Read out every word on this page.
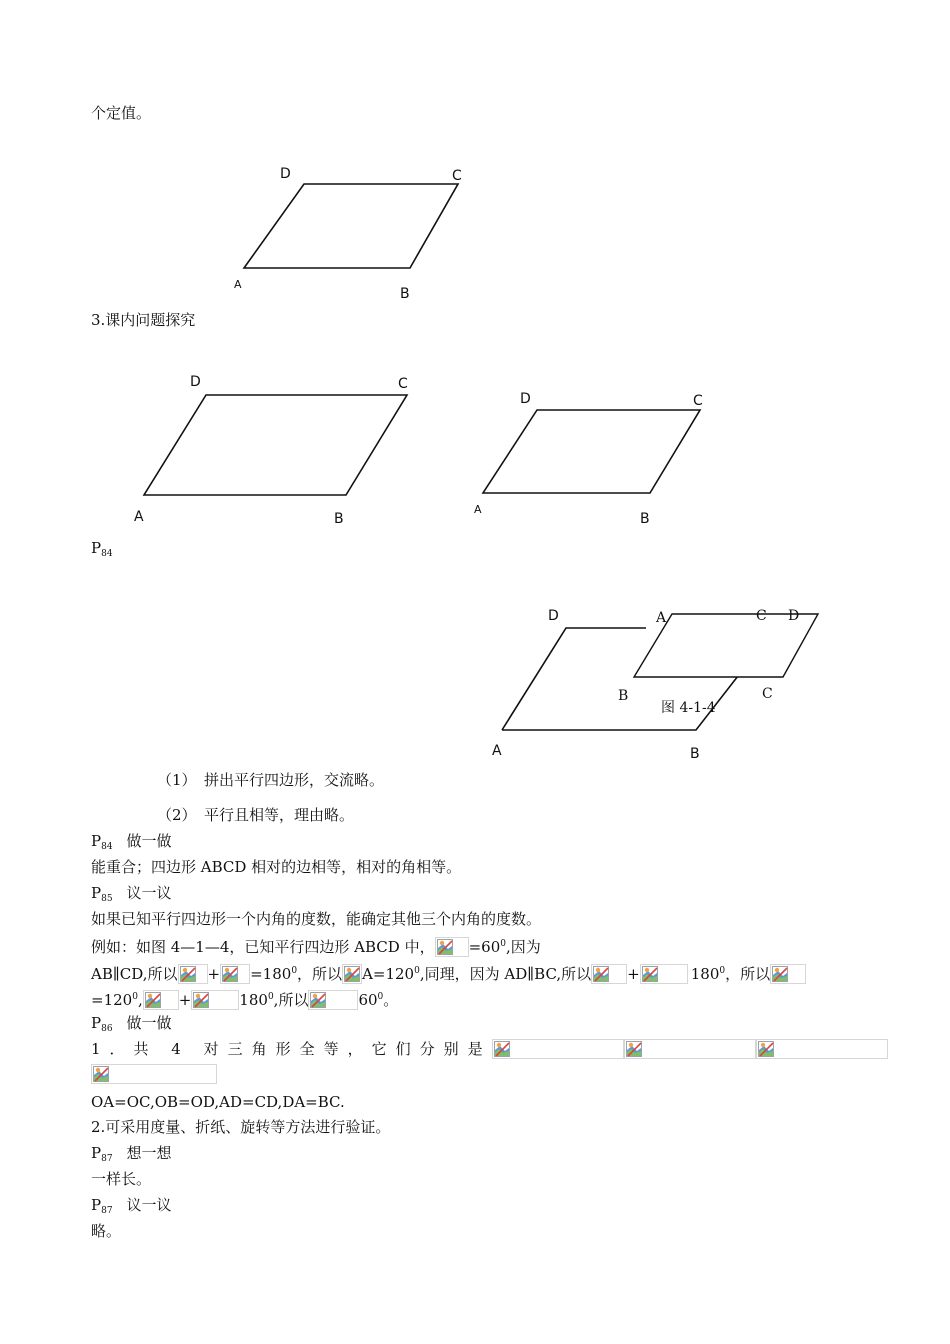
个定值。
D	C
A
B
3.课内问题探究
D	C
A	B
D	C
A
B
$P_{84}$
D	A	C D
B	C
图 4-1-4
A	B
（1）　拼出平行四边形，交流略。
（2）　平行且相等，理由略。
$P_{84}$ 做一做
能重合；四边形 ABCD 相对的边相等，相对的角相等。
$P_{85}$ 议一议
如果已知平行四边形一个内角的度数，能确定其他三个内角的度数。
例如：如图 4—1—4，已知平行四边形 ABCD 中， $=60^0$,因为
AB∥CD,所以 + $=180^0$，所以 $A=120^0$,同理，因为 AD∥BC,所以 +	$180^0$，所以
$=120^0$, +	$180^0$,所以	$60^0$。
$P_{86}$ 做一做
1．共 4 对三角形全等，它们分别是
OA=OC,OB=OD,AD=CD,DA=BC.
2.可采用度量、折纸、旋转等方法进行验证。
$P_{87}$ 想一想
一样长。
$P_{87}$ 议一议
略。
